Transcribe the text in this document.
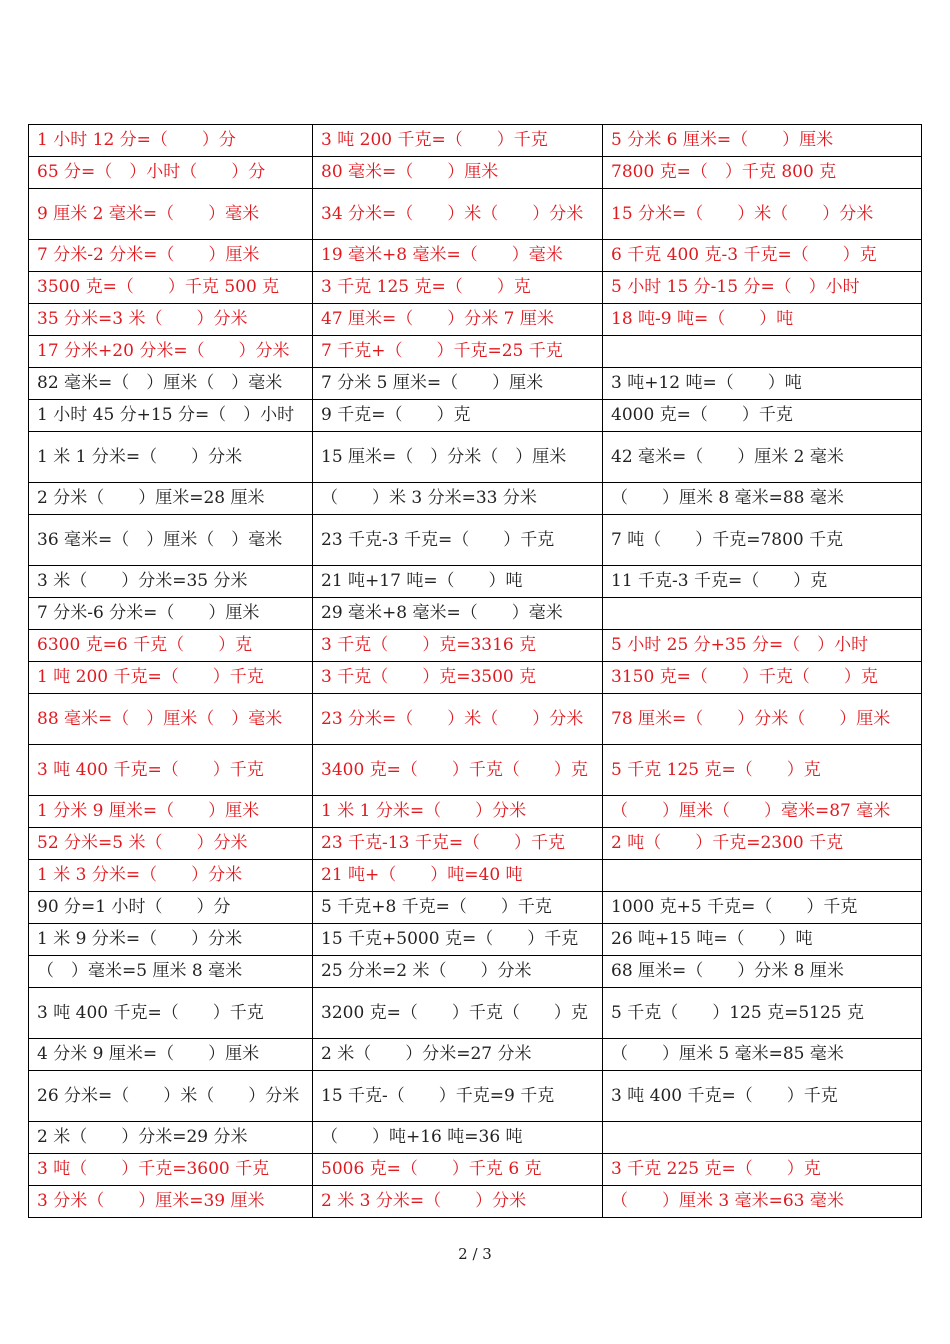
1 小时 12 分=（　　）分	3 吨 200 千克=（　　）千克	5 分米 6 厘米=（　　）厘米
65 分=（　）小时（　　）分	80 毫米=（　　）厘米	7800 克=（　）千克 800 克
9 厘米 2 毫米=（　　）毫米	34 分米=（　　）米（　　）分米	15 分米=（　　）米（　　）分米
7 分米-2 分米=（　　）厘米	19 毫米+8 毫米=（　　）毫米	6 千克 400 克-3 千克=（　　）克
3500 克=（　　）千克 500 克	3 千克 125 克=（　　）克	5 小时 15 分-15 分=（　）小时
35 分米=3 米（　　）分米	47 厘米=（　　）分米 7 厘米	18 吨-9 吨=（　　）吨
17 分米+20 分米=（　　）分米	7 千克+（　　）千克=25 千克	
82 毫米=（　）厘米（　）毫米	7 分米 5 厘米=（　　）厘米	3 吨+12 吨=（　　）吨
1 小时 45 分+15 分=（　）小时	9 千克=（　　）克	4000 克=（　　）千克
1 米 1 分米=（　　）分米	15 厘米=（　）分米（　）厘米	42 毫米=（　　）厘米 2 毫米
2 分米（　　）厘米=28 厘米	（　　）米 3 分米=33 分米	（　　）厘米 8 毫米=88 毫米
36 毫米=（　）厘米（　）毫米	23 千克-3 千克=（　　）千克	7 吨（　　）千克=7800 千克
3 米（　　）分米=35 分米	21 吨+17 吨=（　　）吨	11 千克-3 千克=（　　）克
7 分米-6 分米=（　　）厘米	29 毫米+8 毫米=（　　）毫米	
6300 克=6 千克（　　）克	3 千克（　　）克=3316 克	5 小时 25 分+35 分=（　）小时
1 吨 200 千克=（　　）千克	3 千克（　　）克=3500 克	3150 克=（　　）千克（　　）克
88 毫米=（　）厘米（　）毫米	23 分米=（　　）米（　　）分米	78 厘米=（　　）分米（　　）厘米
3 吨 400 千克=（　　）千克	3400 克=（　　）千克（　　）克	5 千克 125 克=（　　）克
1 分米 9 厘米=（　　）厘米	1 米 1 分米=（　　）分米	（　　）厘米（　　）毫米=87 毫米
52 分米=5 米（　　）分米	23 千克-13 千克=（　　）千克	2 吨（　　）千克=2300 千克
1 米 3 分米=（　　）分米	21 吨+（　　）吨=40 吨	
90 分=1 小时（　　）分	5 千克+8 千克=（　　）千克	1000 克+5 千克=（　　）千克
1 米 9 分米=（　　）分米	15 千克+5000 克=（　　）千克	26 吨+15 吨=（　　）吨
（　）毫米=5 厘米 8 毫米	25 分米=2 米（　　）分米	68 厘米=（　　）分米 8 厘米
3 吨 400 千克=（　　）千克	3200 克=（　　）千克（　　）克	5 千克（　　）125 克=5125 克
4 分米 9 厘米=（　　）厘米	2 米（　　）分米=27 分米	（　　）厘米 5 毫米=85 毫米
26 分米=（　　）米（　　）分米	15 千克-（　　）千克=9 千克	3 吨 400 千克=（　　）千克
2 米（　　）分米=29 分米	（　　）吨+16 吨=36 吨	
3 吨（　　）千克=3600 千克	5006 克=（　　）千克 6 克	3 千克 225 克=（　　）克
3 分米（　　）厘米=39 厘米	2 米 3 分米=（　　）分米	（　　）厘米 3 毫米=63 毫米
2 / 3
